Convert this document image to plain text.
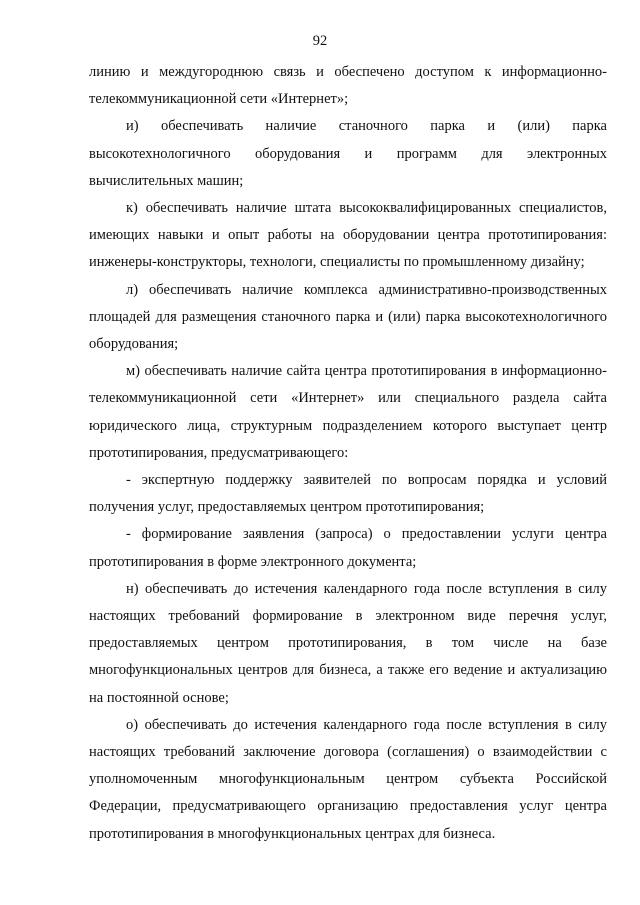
92

линию и междугороднюю связь и обеспечено доступом к информационно-телекоммуникационной сети «Интернет»;

и) обеспечивать наличие станочного парка и (или) парка высокотехнологичного оборудования и программ для электронных вычислительных машин;

к) обеспечивать наличие штата высококвалифицированных специалистов, имеющих навыки и опыт работы на оборудовании центра прототипирования: инженеры-конструкторы, технологи, специалисты по промышленному дизайну;

л) обеспечивать наличие комплекса административно-производственных площадей для размещения станочного парка и (или) парка высокотехнологичного оборудования;

м) обеспечивать наличие сайта центра прототипирования в информационно-телекоммуникационной сети «Интернет» или специального раздела сайта юридического лица, структурным подразделением которого выступает центр прототипирования, предусматривающего:

- экспертную поддержку заявителей по вопросам порядка и условий получения услуг, предоставляемых центром прототипирования;

- формирование заявления (запроса) о предоставлении услуги центра прототипирования в форме электронного документа;

н) обеспечивать до истечения календарного года после вступления в силу настоящих требований формирование в электронном виде перечня услуг, предоставляемых центром прототипирования, в том числе на базе многофункциональных центров для бизнеса, а также его ведение и актуализацию на постоянной основе;

о) обеспечивать до истечения календарного года после вступления в силу настоящих требований заключение договора (соглашения) о взаимодействии с уполномоченным многофункциональным центром субъекта Российской Федерации, предусматривающего организацию предоставления услуг центра прототипирования в многофункциональных центрах для бизнеса.
